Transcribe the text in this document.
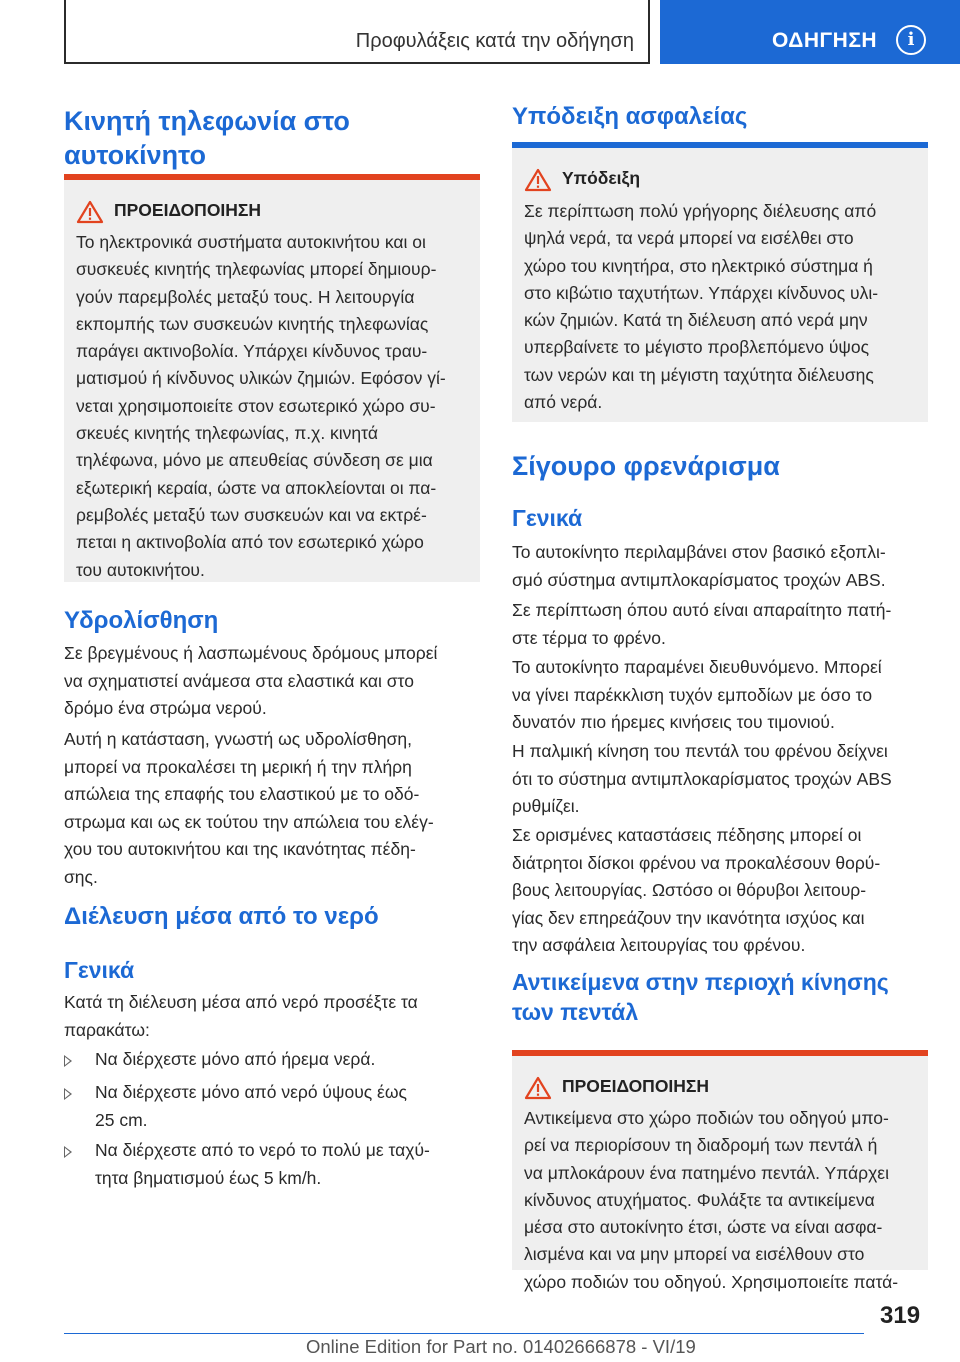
Προφυλάξεις κατά την οδήγηση	ΟΔΗΓΗΣΗ	i
Κινητή τηλεφωνία στο
αυτοκίνητο
ΠΡΟΕΙΔΟΠΟΙΗΣΗ
Το ηλεκτρονικά συστήματα αυτοκινήτου και οι
συσκευές κινητής τηλεφωνίας μπορεί δημιουρ-
γούν παρεμβολές μεταξύ τους. Η λειτουργία
εκπομπής των συσκευών κινητής τηλεφωνίας
παράγει ακτινοβολία. Υπάρχει κίνδυνος τραυ-
ματισμού ή κίνδυνος υλικών ζημιών. Εφόσον γί-
νεται χρησιμοποιείτε στον εσωτερικό χώρο συ-
σκευές κινητής τηλεφωνίας, π.χ. κινητά
τηλέφωνα, μόνο με απευθείας σύνδεση σε μια
εξωτερική κεραία, ώστε να αποκλείονται οι πα-
ρεμβολές μεταξύ των συσκευών και να εκτρέ-
πεται η ακτινοβολία από τον εσωτερικό χώρο
του αυτοκινήτου.
Υδρολίσθηση
Σε βρεγμένους ή λασπωμένους δρόμους μπορεί
να σχηματιστεί ανάμεσα στα ελαστικά και στο
δρόμο ένα στρώμα νερού.
Αυτή η κατάσταση, γνωστή ως υδρολίσθηση,
μπορεί να προκαλέσει τη μερική ή την πλήρη
απώλεια της επαφής του ελαστικού με το οδό-
στρωμα και ως εκ τούτου την απώλεια του ελέγ-
χου του αυτοκινήτου και της ικανότητας πέδη-
σης.
Διέλευση μέσα από το νερό
Γενικά
Κατά τη διέλευση μέσα από νερό προσέξτε τα
παρακάτω:
Να διέρχεστε μόνο από ήρεμα νερά.
Να διέρχεστε μόνο από νερό ύψους έως
25 cm.
Να διέρχεστε από το νερό το πολύ με ταχύ-
τητα βηματισμού έως 5 km/h.
Υπόδειξη ασφαλείας
Υπόδειξη
Σε περίπτωση πολύ γρήγορης διέλευσης από
ψηλά νερά, τα νερά μπορεί να εισέλθει στο
χώρο του κινητήρα, στο ηλεκτρικό σύστημα ή
στο κιβώτιο ταχυτήτων. Υπάρχει κίνδυνος υλι-
κών ζημιών. Κατά τη διέλευση από νερά μην
υπερβαίνετε το μέγιστο προβλεπόμενο ύψος
των νερών και τη μέγιστη ταχύτητα διέλευσης
από νερά.
Σίγουρο φρενάρισμα
Γενικά
Το αυτοκίνητο περιλαμβάνει στον βασικό εξοπλι-
σμό σύστημα αντιμπλοκαρίσματος τροχών ABS.
Σε περίπτωση όπου αυτό είναι απαραίτητο πατή-
στε τέρμα το φρένο.
Το αυτοκίνητο παραμένει διευθυνόμενο. Μπορεί
να γίνει παρέκκλιση τυχόν εμποδίων με όσο το
δυνατόν πιο ήρεμες κινήσεις του τιμονιού.
Η παλμική κίνηση του πεντάλ του φρένου δείχνει
ότι το σύστημα αντιμπλοκαρίσματος τροχών ABS
ρυθμίζει.
Σε ορισμένες καταστάσεις πέδησης μπορεί οι
διάτρητοι δίσκοι φρένου να προκαλέσουν θορύ-
βους λειτουργίας. Ωστόσο οι θόρυβοι λειτουρ-
γίας δεν επηρεάζουν την ικανότητα ισχύος και
την ασφάλεια λειτουργίας του φρένου.
Αντικείμενα στην περιοχή κίνησης
των πεντάλ
ΠΡΟΕΙΔΟΠΟΙΗΣΗ
Αντικείμενα στο χώρο ποδιών του οδηγού μπο-
ρεί να περιορίσουν τη διαδρομή των πεντάλ ή
να μπλοκάρουν ένα πατημένο πεντάλ. Υπάρχει
κίνδυνος ατυχήματος. Φυλάξτε τα αντικείμενα
μέσα στο αυτοκίνητο έτσι, ώστε να είναι ασφα-
λισμένα και να μην μπορεί να εισέλθουν στο
χώρο ποδιών του οδηγού. Χρησιμοποιείτε πατά-
319
Online Edition for Part no. 01402666878 - VI/19
